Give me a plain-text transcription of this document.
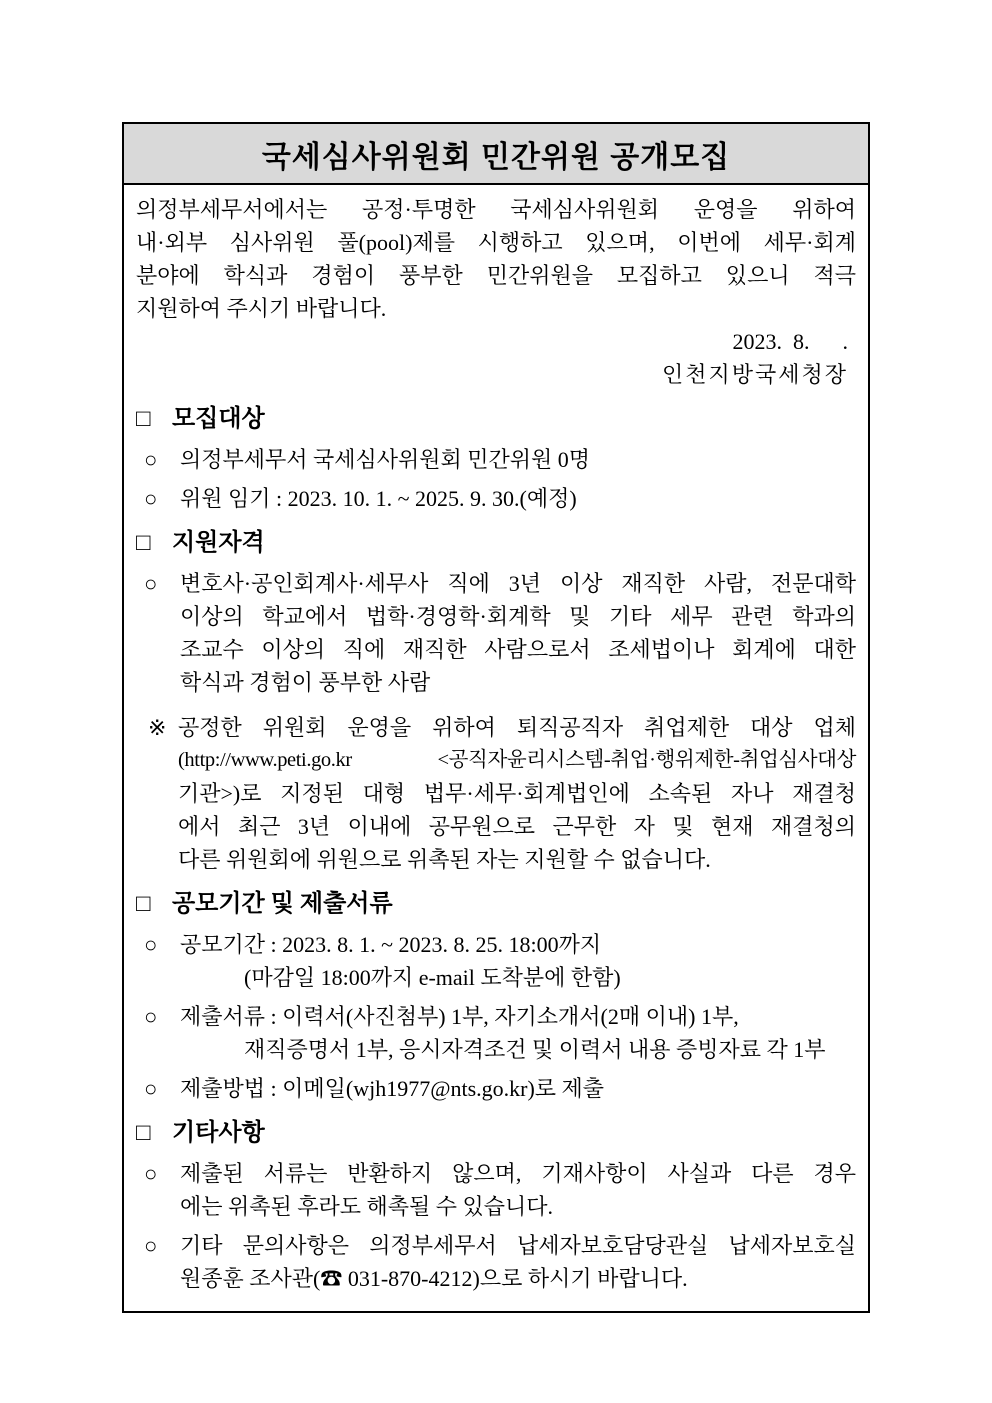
국세심사위원회 민간위원 공개모집
의정부세무서에서는 공정·투명한 국세심사위원회 운영을 위하여
내·외부 심사위원 풀(pool)제를 시행하고 있으며, 이번에 세무·회계
분야에 학식과 경험이 풍부한 민간위원을 모집하고 있으니 적극
지원하여 주시기 바랍니다.
2023.  8.      .
인천지방국세청장
□ 모집대상
○	의정부세무서 국세심사위원회 민간위원 0명
○	위원 임기 : 2023. 10. 1. ~ 2025. 9. 30.(예정)
□ 지원자격
○	변호사·공인회계사·세무사 직에 3년 이상 재직한 사람, 전문대학
이상의 학교에서 법학·경영학·회계학 및 기타 세무 관련 학과의
조교수 이상의 직에 재직한 사람으로서 조세법이나 회계에 대한
학식과 경험이 풍부한 사람
※ 공정한 위원회 운영을 위하여 퇴직공직자 취업제한 대상 업체
(http://www.peti.go.kr <공직자윤리시스템-취업·행위제한-취업심사대상
기관>)로 지정된 대형 법무·세무·회계법인에 소속된 자나 재결청
에서 최근 3년 이내에 공무원으로 근무한 자 및 현재 재결청의
다른 위원회에 위원으로 위촉된 자는 지원할 수 없습니다.
□ 공모기간 및 제출서류
○	공모기간 : 2023. 8. 1. ~ 2023. 8. 25. 18:00까지
(마감일 18:00까지 e-mail 도착분에 한함)
○	제출서류 : 이력서(사진첨부) 1부, 자기소개서(2매 이내) 1부,
재직증명서 1부, 응시자격조건 및 이력서 내용 증빙자료 각 1부
○	제출방법 : 이메일(wjh1977@nts.go.kr)로 제출
□ 기타사항
○	제출된 서류는 반환하지 않으며, 기재사항이 사실과 다른 경우
에는 위촉된 후라도 해촉될 수 있습니다.
○	기타 문의사항은 의정부세무서 납세자보호담당관실 납세자보호실
원종훈 조사관(☎ 031-870-4212)으로 하시기 바랍니다.
